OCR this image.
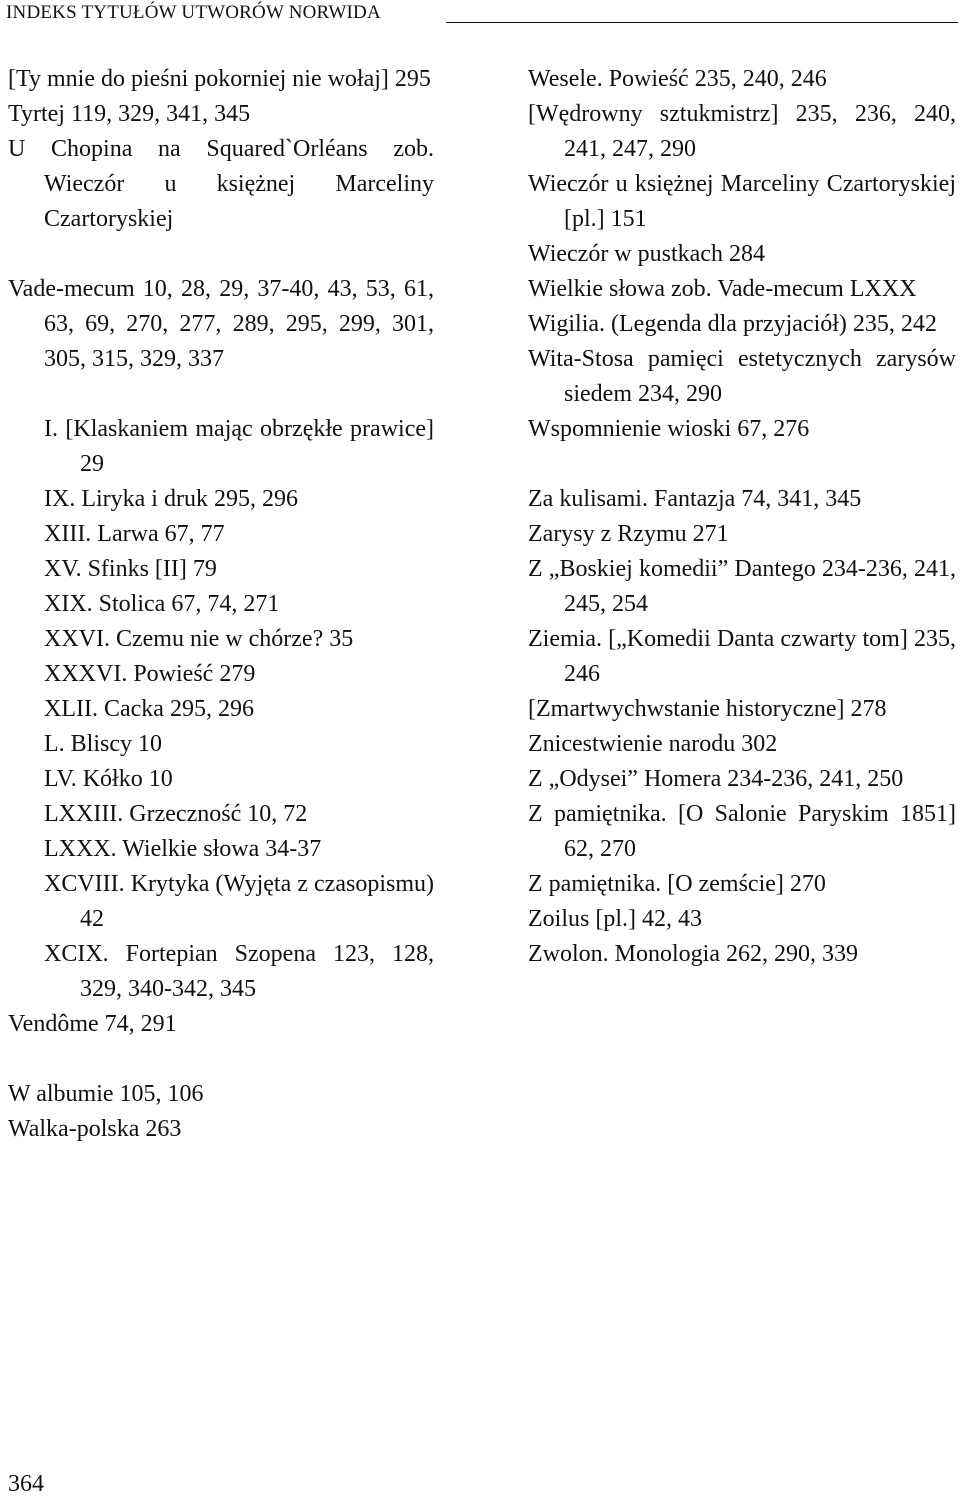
INDEKS TYTUŁÓW UTWORÓW NORWIDA
[Ty mnie do pieśni pokorniej nie wołaj] 295
Tyrtej 119, 329, 341, 345
U Chopina na Squared`Orléans zob. Wieczór u księżnej Marceliny Czartoryskiej
Vade-mecum 10, 28, 29, 37-40, 43, 53, 61, 63, 69, 270, 277, 289, 295, 299, 301, 305, 315, 329, 337
I. [Klaskaniem mając obrzękłe prawice] 29
IX. Liryka i druk 295, 296
XIII. Larwa 67, 77
XV. Sfinks [II] 79
XIX. Stolica 67, 74, 271
XXVI. Czemu nie w chórze? 35
XXXVI. Powieść 279
XLII. Cacka 295, 296
L. Bliscy 10
LV. Kółko 10
LXXIII. Grzeczność 10, 72
LXXX. Wielkie słowa 34-37
XCVIII. Krytyka (Wyjęta z czasopismu) 42
XCIX. Fortepian Szopena 123, 128, 329, 340-342, 345
Vendôme 74, 291
W albumie 105, 106
Walka-polska 263
Wesele. Powieść 235, 240, 246
[Wędrowny sztukmistrz] 235, 236, 240, 241, 247, 290
Wieczór u księżnej Marceliny Czartoryskiej [pl.] 151
Wieczór w pustkach 284
Wielkie słowa zob. Vade-mecum LXXX
Wigilia. (Legenda dla przyjaciół) 235, 242
Wita-Stosa pamięci estetycznych zarysów siedem 234, 290
Wspomnienie wioski 67, 276
Za kulisami. Fantazja 74, 341, 345
Zarysy z Rzymu 271
Z „Boskiej komedii” Dantego 234-236, 241, 245, 254
Ziemia. [„Komedii Danta czwarty tom] 235, 246
[Zmartwychwstanie historyczne] 278
Znicestwienie narodu 302
Z „Odysei” Homera 234-236, 241, 250
Z pamiętnika. [O Salonie Paryskim 1851] 62, 270
Z pamiętnika. [O zemście] 270
Zoilus [pl.] 42, 43
Zwolon. Monologia 262, 290, 339
364
